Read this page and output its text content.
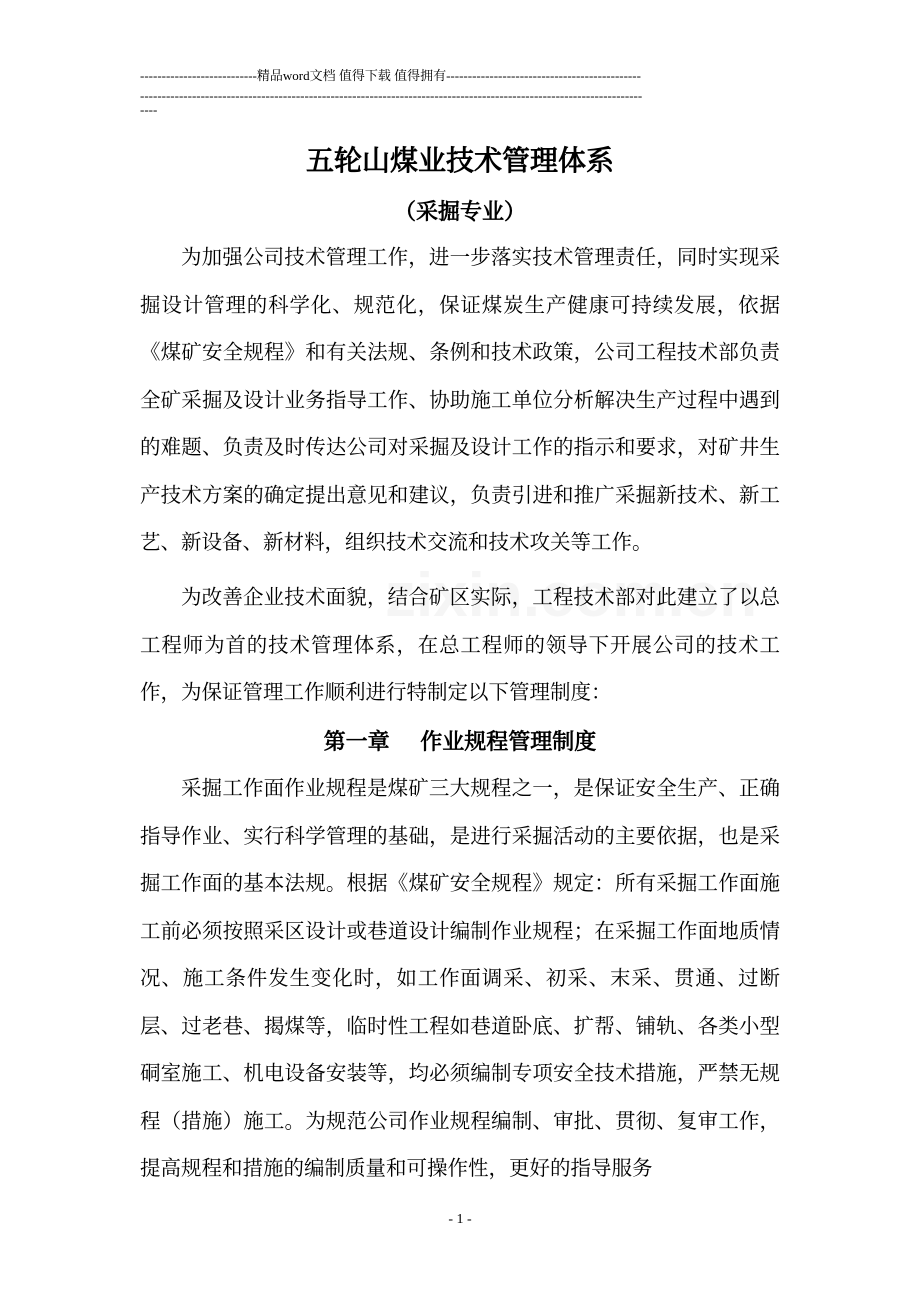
---------------------------精品word文档 值得下载 值得拥有---------------------------------------------
--------------------------------------------------------------------------------------------------------------------
----
五轮山煤业技术管理体系
（采掘专业）

为加强公司技术管理工作，进一步落实技术管理责任，同时实现采掘设计管理的科学化、规范化，保证煤炭生产健康可持续发展，依据《煤矿安全规程》和有关法规、条例和技术政策，公司工程技术部负责全矿采掘及设计业务指导工作、协助施工单位分析解决生产过程中遇到的难题、负责及时传达公司对采掘及设计工作的指示和要求，对矿井生产技术方案的确定提出意见和建议，负责引进和推广采掘新技术、新工艺、新设备、新材料，组织技术交流和技术攻关等工作。

为改善企业技术面貌，结合矿区实际，工程技术部对此建立了以总工程师为首的技术管理体系，在总工程师的领导下开展公司的技术工作，为保证管理工作顺利进行特制定以下管理制度：

第一章    作业规程管理制度

采掘工作面作业规程是煤矿三大规程之一，是保证安全生产、正确指导作业、实行科学管理的基础，是进行采掘活动的主要依据，也是采掘工作面的基本法规。根据《煤矿安全规程》规定：所有采掘工作面施工前必须按照采区设计或巷道设计编制作业规程；在采掘工作面地质情况、施工条件发生变化时，如工作面调采、初采、末采、贯通、过断层、过老巷、揭煤等，临时性工程如巷道卧底、扩帮、铺轨、各类小型硐室施工、机电设备安装等，均必须编制专项安全技术措施，严禁无规程（措施）施工。为规范公司作业规程编制、审批、贯彻、复审工作，提高规程和措施的编制质量和可操作性，更好的指导服务

- 1 -
